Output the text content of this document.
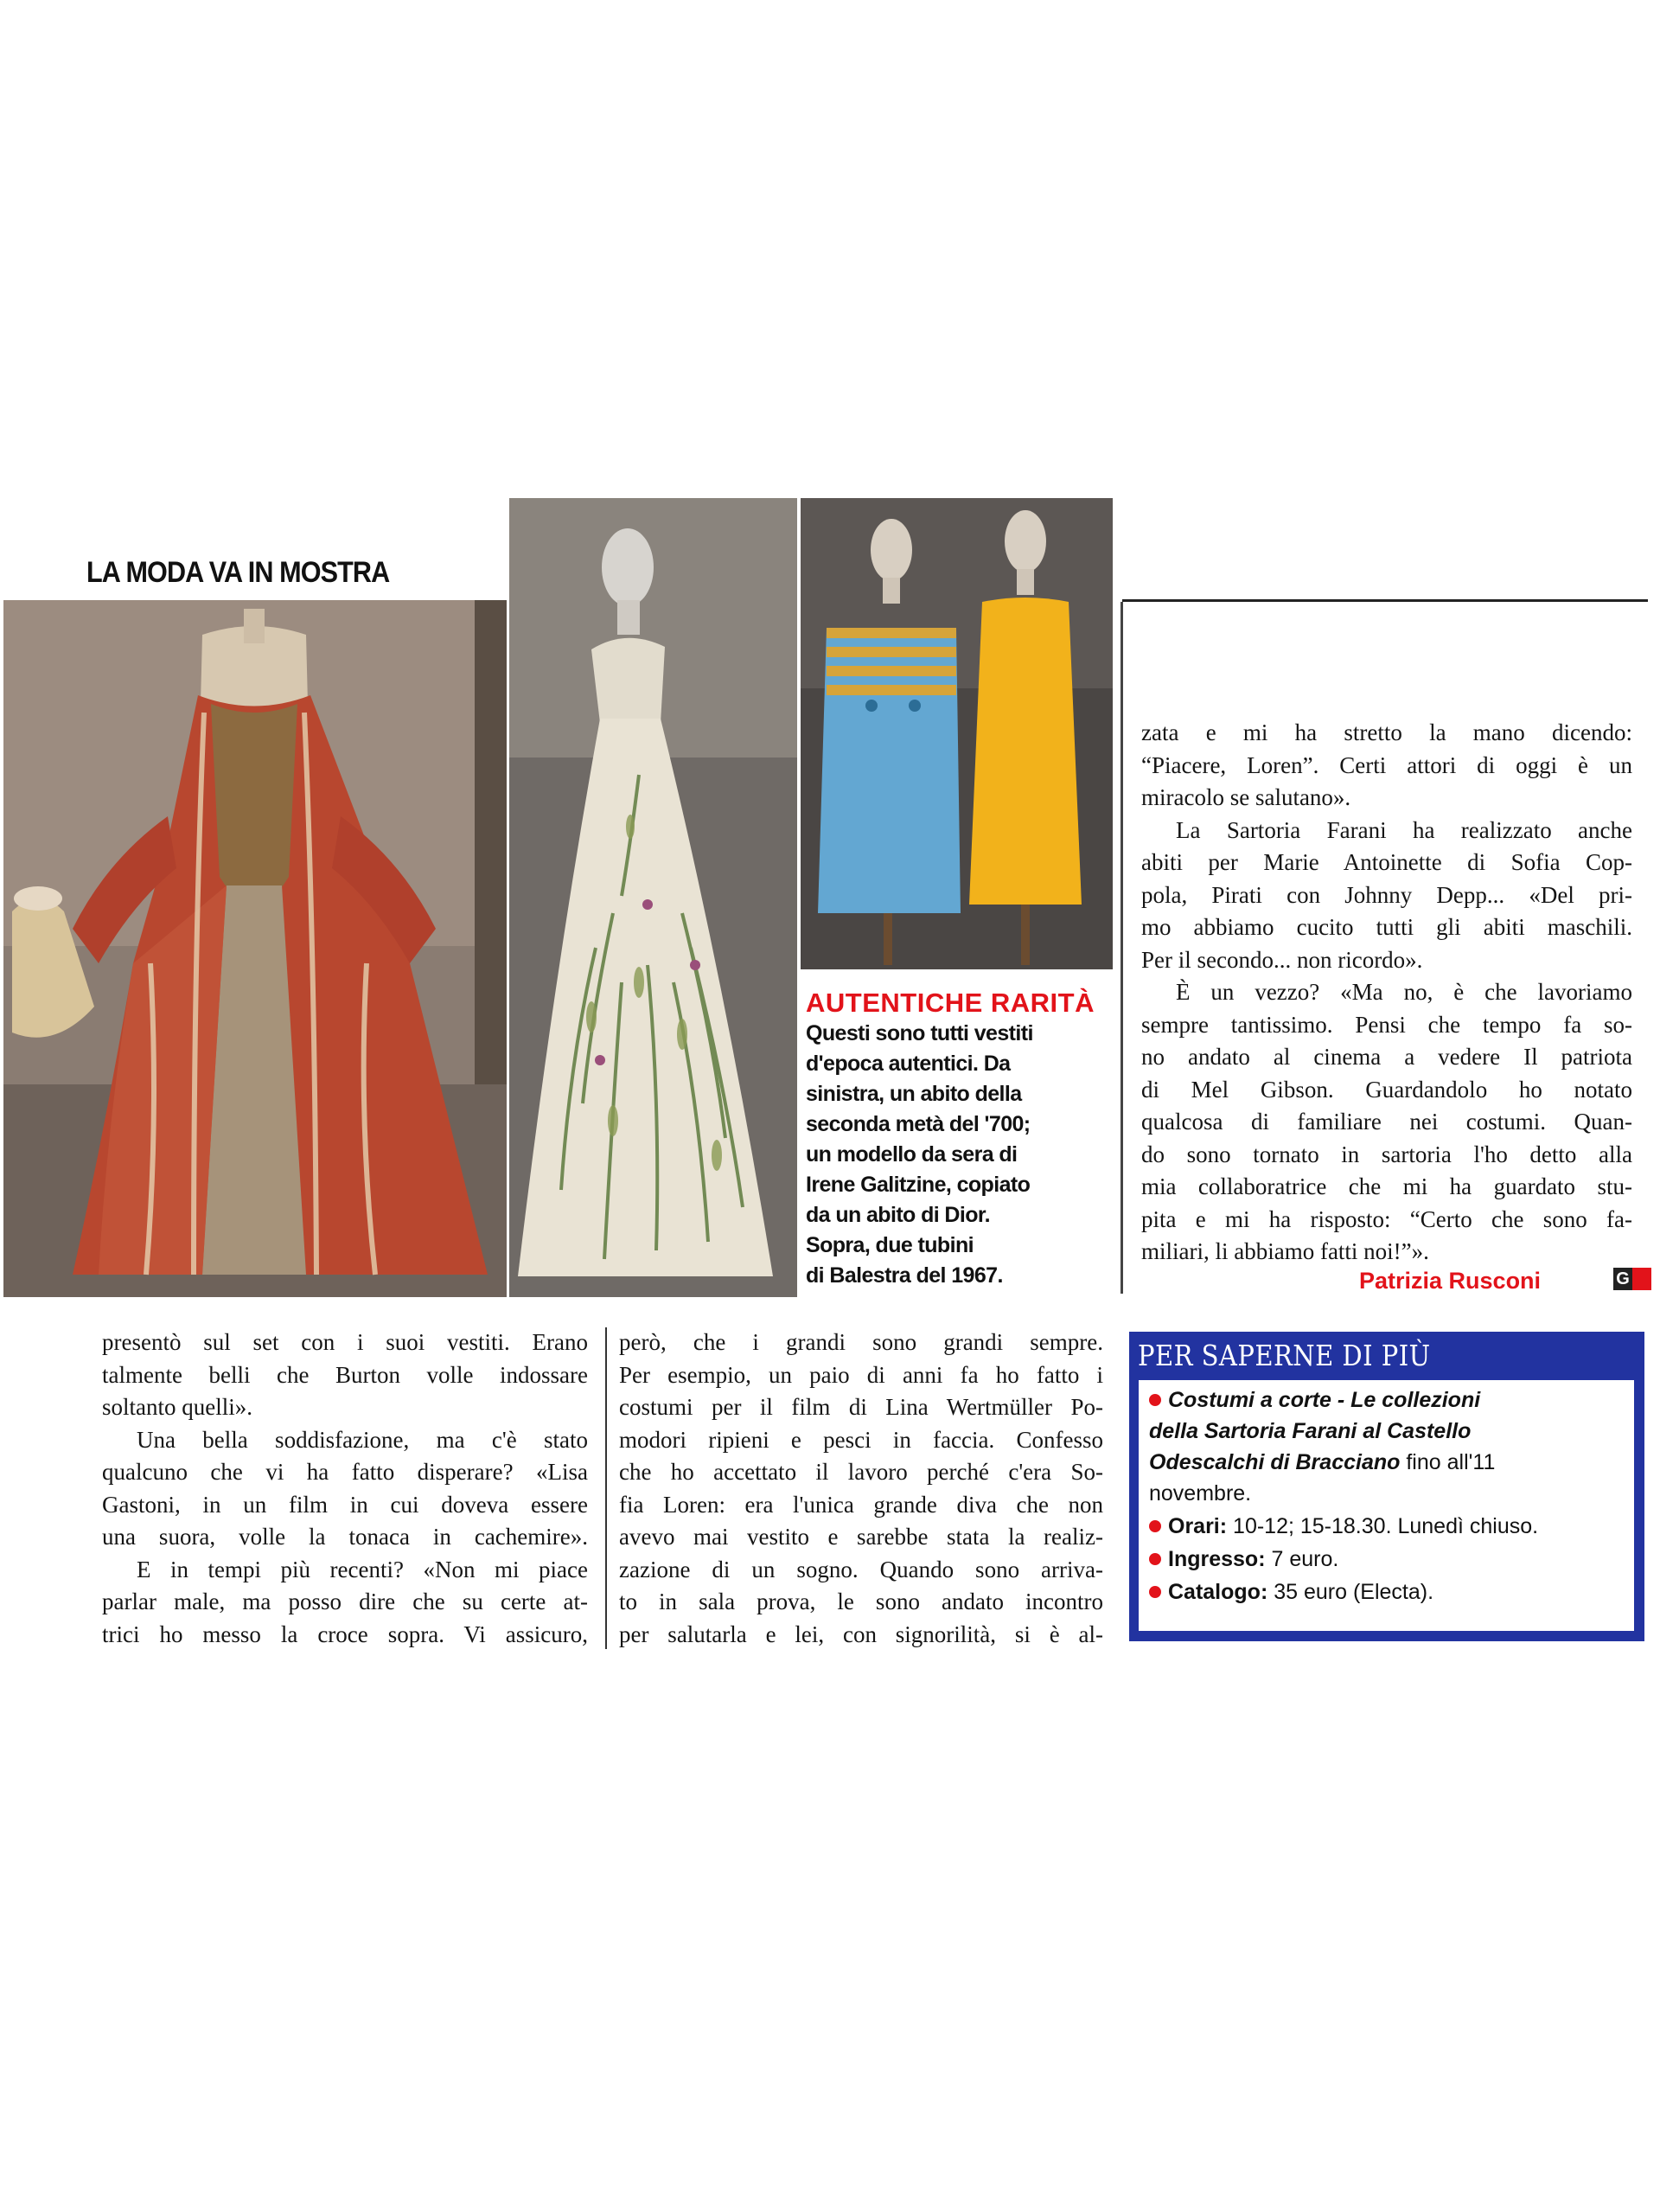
LA MODA VA IN MOSTRA
AUTENTICHE RARITÀ
Questi sono tutti vestiti
d'epoca autentici. Da
sinistra, un abito della
seconda metà del '700;
un modello da sera di
Irene Galitzine, copiato
da un abito di Dior.
Sopra, due tubini
di Balestra del 1967.
zata e mi ha stretto la mano dicendo:
“Piacere, Loren”. Certi attori di oggi è un
miracolo se salutano».
La Sartoria Farani ha realizzato anche
abiti per Marie Antoinette di Sofia Cop-
pola, Pirati con Johnny Depp... «Del pri-
mo abbiamo cucito tutti gli abiti maschili.
Per il secondo... non ricordo».
È un vezzo? «Ma no, è che lavoriamo
sempre tantissimo. Pensi che tempo fa so-
no andato al cinema a vedere Il patriota
di Mel Gibson. Guardandolo ho notato
qualcosa di familiare nei costumi. Quan-
do sono tornato in sartoria l'ho detto alla
mia collaboratrice che mi ha guardato stu-
pita e mi ha risposto: “Certo che sono fa-
miliari, li abbiamo fatti noi!”».
Patrizia Rusconi	G
presentò sul set con i suoi vestiti. Erano
talmente belli che Burton volle indossare
soltanto quelli».
Una bella soddisfazione, ma c'è stato
qualcuno che vi ha fatto disperare? «Lisa
Gastoni, in un film in cui doveva essere
una suora, volle la tonaca in cachemire».
E in tempi più recenti? «Non mi piace
parlar male, ma posso dire che su certe at-
trici ho messo la croce sopra. Vi assicuro,
però, che i grandi sono grandi sempre.
Per esempio, un paio di anni fa ho fatto i
costumi per il film di Lina Wertmüller Po-
modori ripieni e pesci in faccia. Confesso
che ho accettato il lavoro perché c'era So-
fia Loren: era l'unica grande diva che non
avevo mai vestito e sarebbe stata la realiz-
zazione di un sogno. Quando sono arriva-
to in sala prova, le sono andato incontro
per salutarla e lei, con signorilità, si è al-
PER SAPERNE DI PIÙ
Costumi a corte - Le collezioni
della Sartoria Farani al Castello
Odescalchi di Bracciano fino all'11
novembre.
Orari: 10-12; 15-18.30. Lunedì chiuso.
Ingresso: 7 euro.
Catalogo: 35 euro (Electa).
